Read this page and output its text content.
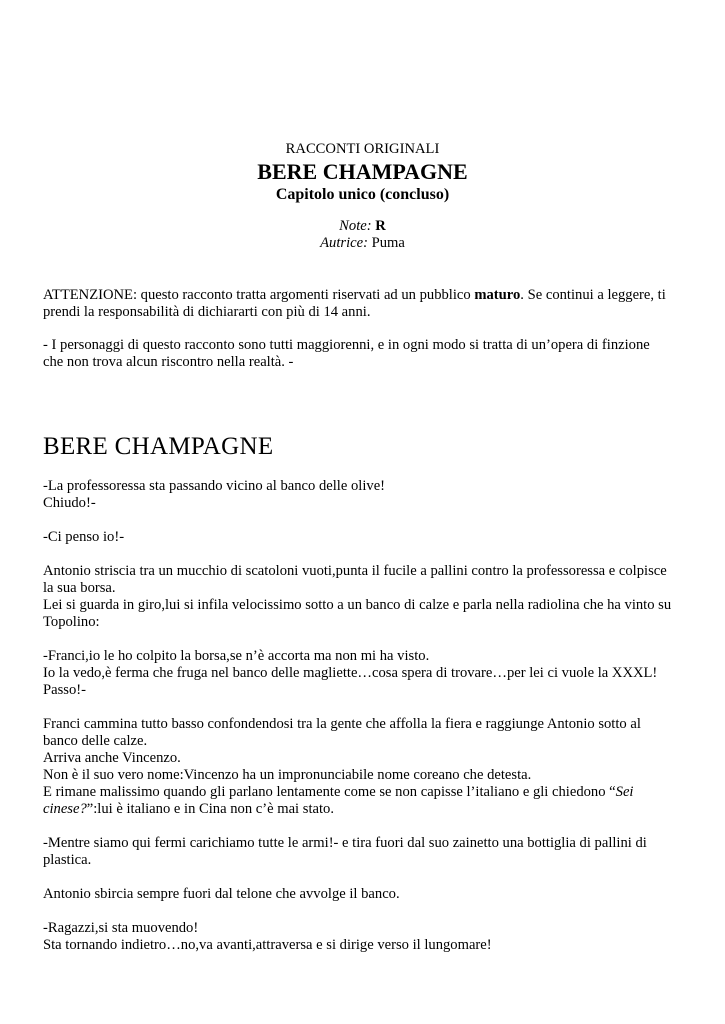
RACCONTI ORIGINALI
BERE CHAMPAGNE
Capitolo unico (concluso)
Note: R
Autrice: Puma
ATTENZIONE: questo racconto tratta argomenti riservati ad un pubblico maturo. Se continui a leggere, ti
prendi la responsabilità di dichiararti con più di 14 anni.
- I personaggi di questo racconto sono tutti maggiorenni, e in ogni modo si tratta di un’opera di finzione
che non trova alcun riscontro nella realtà. -
BERE CHAMPAGNE
-La professoressa sta passando vicino al banco delle olive!
Chiudo!-
-Ci penso io!-
Antonio striscia tra un mucchio di scatoloni vuoti,punta il fucile a pallini contro la professoressa e colpisce
la sua borsa.
Lei si guarda in giro,lui si infila velocissimo sotto a un banco di calze e parla nella radiolina che ha vinto su
Topolino:
-Franci,io le ho colpito la borsa,se n’è accorta ma non mi ha visto.
Io la vedo,è ferma che fruga nel banco delle magliette…cosa spera di trovare…per lei ci vuole la XXXL!
Passo!-
Franci cammina tutto basso confondendosi tra la gente che affolla la fiera e raggiunge Antonio sotto al
banco delle calze.
Arriva anche Vincenzo.
Non è il suo vero nome:Vincenzo ha un impronunciabile nome coreano che detesta.
E rimane malissimo quando gli parlano lentamente come se non capisse l’italiano e gli chiedono “Sei
cinese?”:lui è italiano e in Cina non c’è mai stato.
-Mentre siamo qui fermi carichiamo tutte le armi!- e tira fuori dal suo zainetto una bottiglia di pallini di
plastica.
Antonio sbircia sempre fuori dal telone che avvolge il banco.
-Ragazzi,si sta muovendo!
Sta tornando indietro…no,va avanti,attraversa e si dirige verso il lungomare!
